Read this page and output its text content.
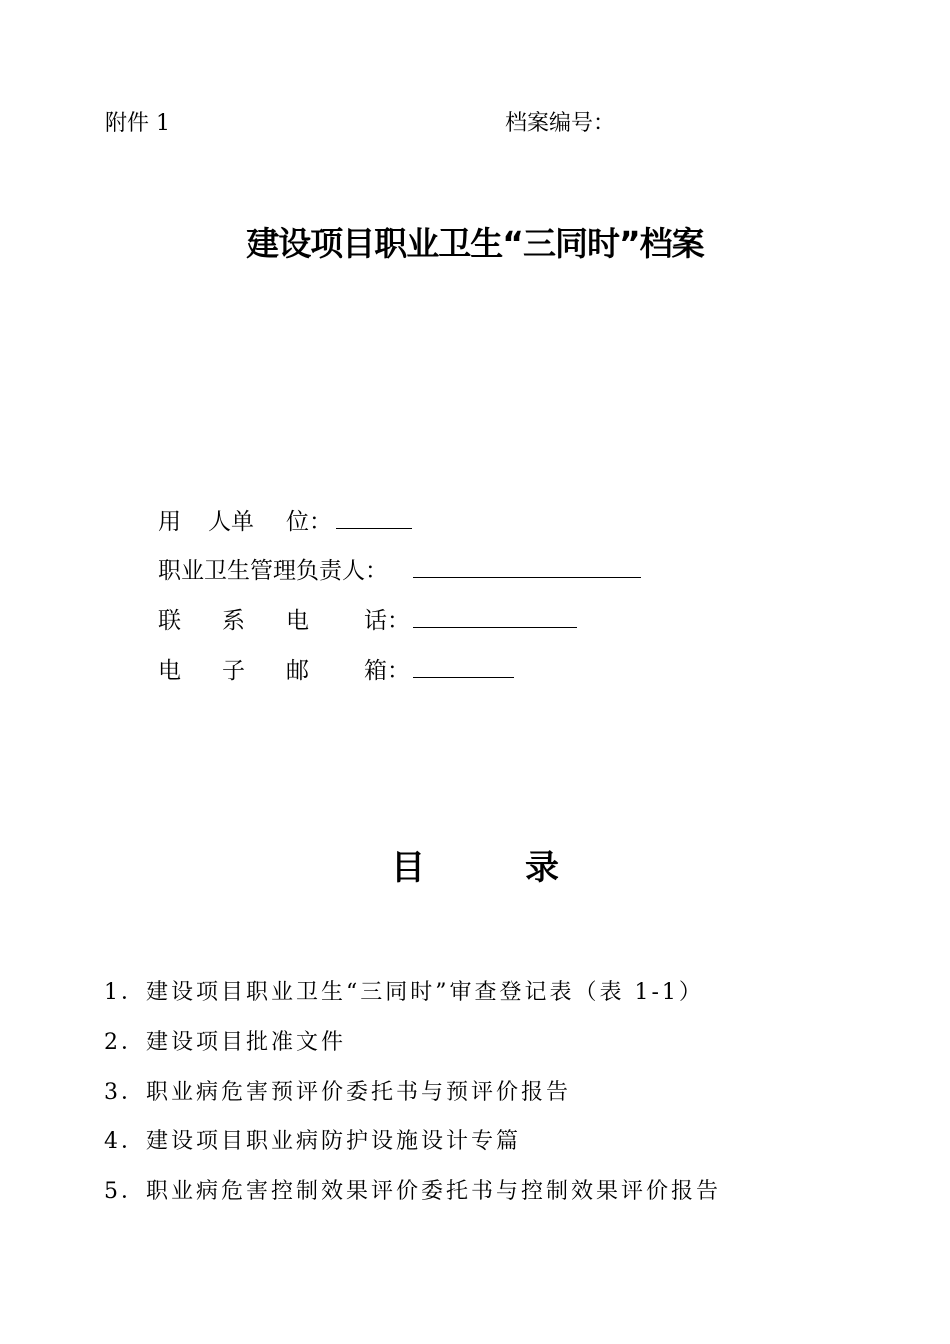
附件 1	档案编号：
建设项目职业卫生“三同时”档案
用 人单 位：
职业卫生管理负责人：
联 系 电 话：
电 子 邮 箱：
目	录
1．建设项目职业卫生“三同时”审查登记表（表 1-1）
2．建设项目批准文件
3．职业病危害预评价委托书与预评价报告
4．建设项目职业病防护设施设计专篇
5．职业病危害控制效果评价委托书与控制效果评价报告
